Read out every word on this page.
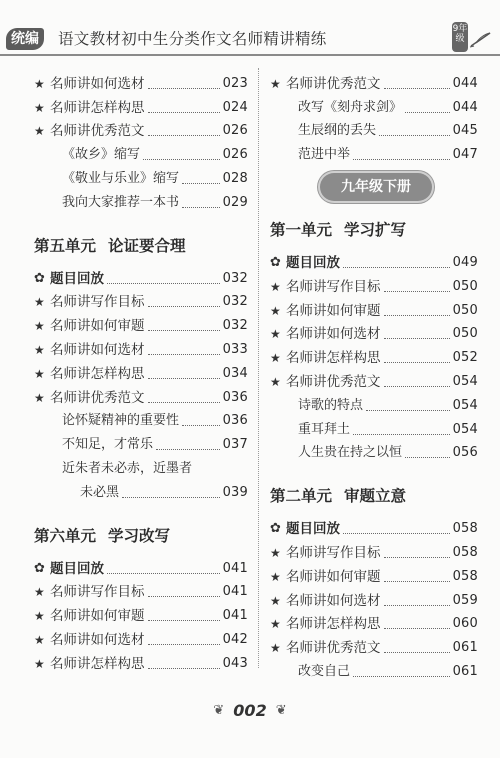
统编	语文教材初中生分类作文名师精讲精练
9年级
★ 名师讲如何选材	023
★ 名师讲怎样构思	024
★ 名师讲优秀范文	026
《故乡》缩写	026
《敬业与乐业》缩写	028
我向大家推荐一本书	029
第五单元 论证要合理
✿ 题目回放	032
★ 名师讲写作目标	032
★ 名师讲如何审题	032
★ 名师讲如何选材	033
★ 名师讲怎样构思	034
★ 名师讲优秀范文	036
论怀疑精神的重要性	036
不知足，才常乐	037
近朱者未必赤，近墨者
未必黑	039
第六单元 学习改写
✿ 题目回放	041
★ 名师讲写作目标	041
★ 名师讲如何审题	041
★ 名师讲如何选材	042
★ 名师讲怎样构思	043
★ 名师讲优秀范文	044
改写《刻舟求剑》	044
生辰纲的丢失	045
范进中举	047
九年级下册
第一单元 学习扩写
✿ 题目回放	049
★ 名师讲写作目标	050
★ 名师讲如何审题	050
★ 名师讲如何选材	050
★ 名师讲怎样构思	052
★ 名师讲优秀范文	054
诗歌的特点	054
重耳拜土	054
人生贵在持之以恒	056
第二单元 审题立意
✿ 题目回放	058
★ 名师讲写作目标	058
★ 名师讲如何审题	058
★ 名师讲如何选材	059
★ 名师讲怎样构思	060
★ 名师讲优秀范文	061
改变自己	061
❦ 002 ❦
